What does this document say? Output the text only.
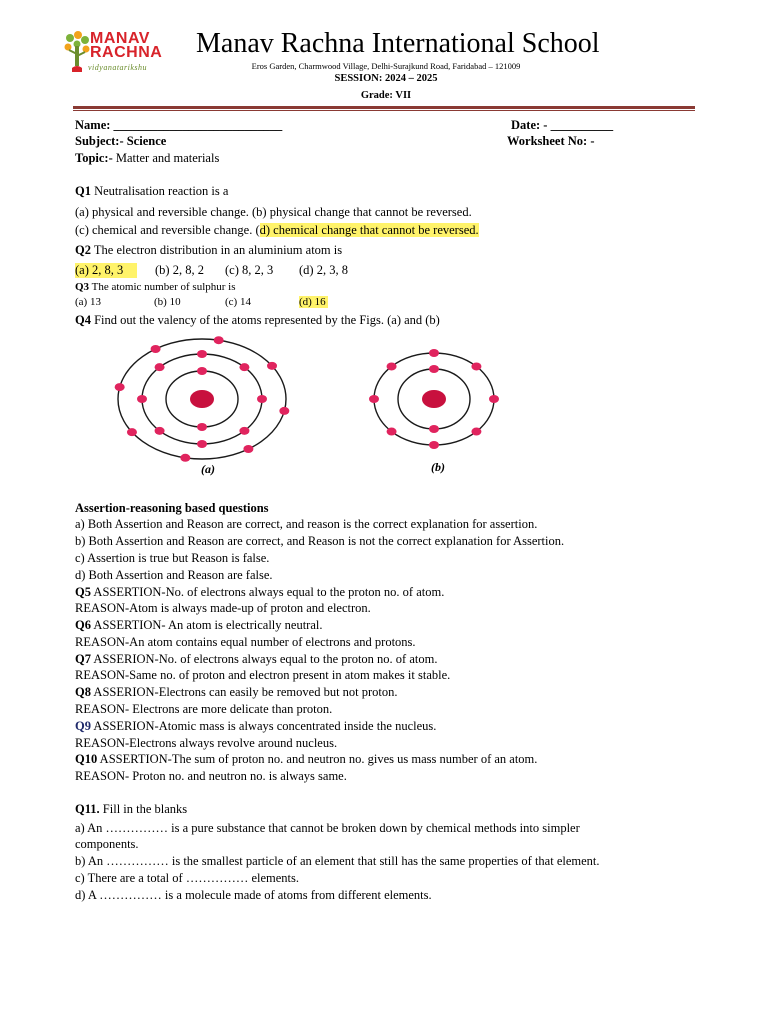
MANAV
RACHNA
vidyanatarikshu
Manav Rachna International School
Eros Garden, Charmwood Village, Delhi-Surajkund Road, Faridabad – 121009
SESSION: 2024 – 2025
Grade: VII
Name: ___________________________	Date: - __________
Subject:- Science	Worksheet No: -
Topic:- Matter and materials
Q1 Neutralisation reaction is a
(a) physical and reversible change. (b) physical change that cannot be reversed.
(c) chemical and reversible change. (d) chemical change that cannot be reversed.
Q2 The electron distribution in an aluminium atom is
(a) 2, 8, 3	(b) 2, 8, 2 (c) 8, 2, 3 (d) 2, 3, 8
Q3 The atomic number of sulphur is
(a) 13	(b) 10	(c) 14	(d) 16
Q4 Find out the valency of the atoms represented by the Figs. (a) and (b)
(a)	(b)
Assertion-reasoning based questions
a) Both Assertion and Reason are correct, and reason is the correct explanation for assertion.
b) Both Assertion and Reason are correct, and Reason is not the correct explanation for Assertion.
c) Assertion is true but Reason is false.
d) Both Assertion and Reason are false.
Q5 ASSERTION-No. of electrons always equal to the proton no. of atom.
REASON-Atom is always made-up of proton and electron.
Q6 ASSERTION- An atom is electrically neutral.
REASON-An atom contains equal number of electrons and protons.
Q7 ASSERION-No. of electrons always equal to the proton no. of atom.
REASON-Same no. of proton and electron present in atom makes it stable.
Q8 ASSERION-Electrons can easily be removed but not proton.
REASON- Electrons are more delicate than proton.
Q9 ASSERION-Atomic mass is always concentrated inside the nucleus.
REASON-Electrons always revolve around nucleus.
Q10 ASSERTION-The sum of proton no. and neutron no. gives us mass number of an atom.
REASON- Proton no. and neutron no. is always same.
Q11. Fill in the blanks
a) An …………… is a pure substance that cannot be broken down by chemical methods into simpler
components.
b) An …………… is the smallest particle of an element that still has the same properties of that element.
c) There are a total of …………… elements.
d) A …………… is a molecule made of atoms from different elements.
